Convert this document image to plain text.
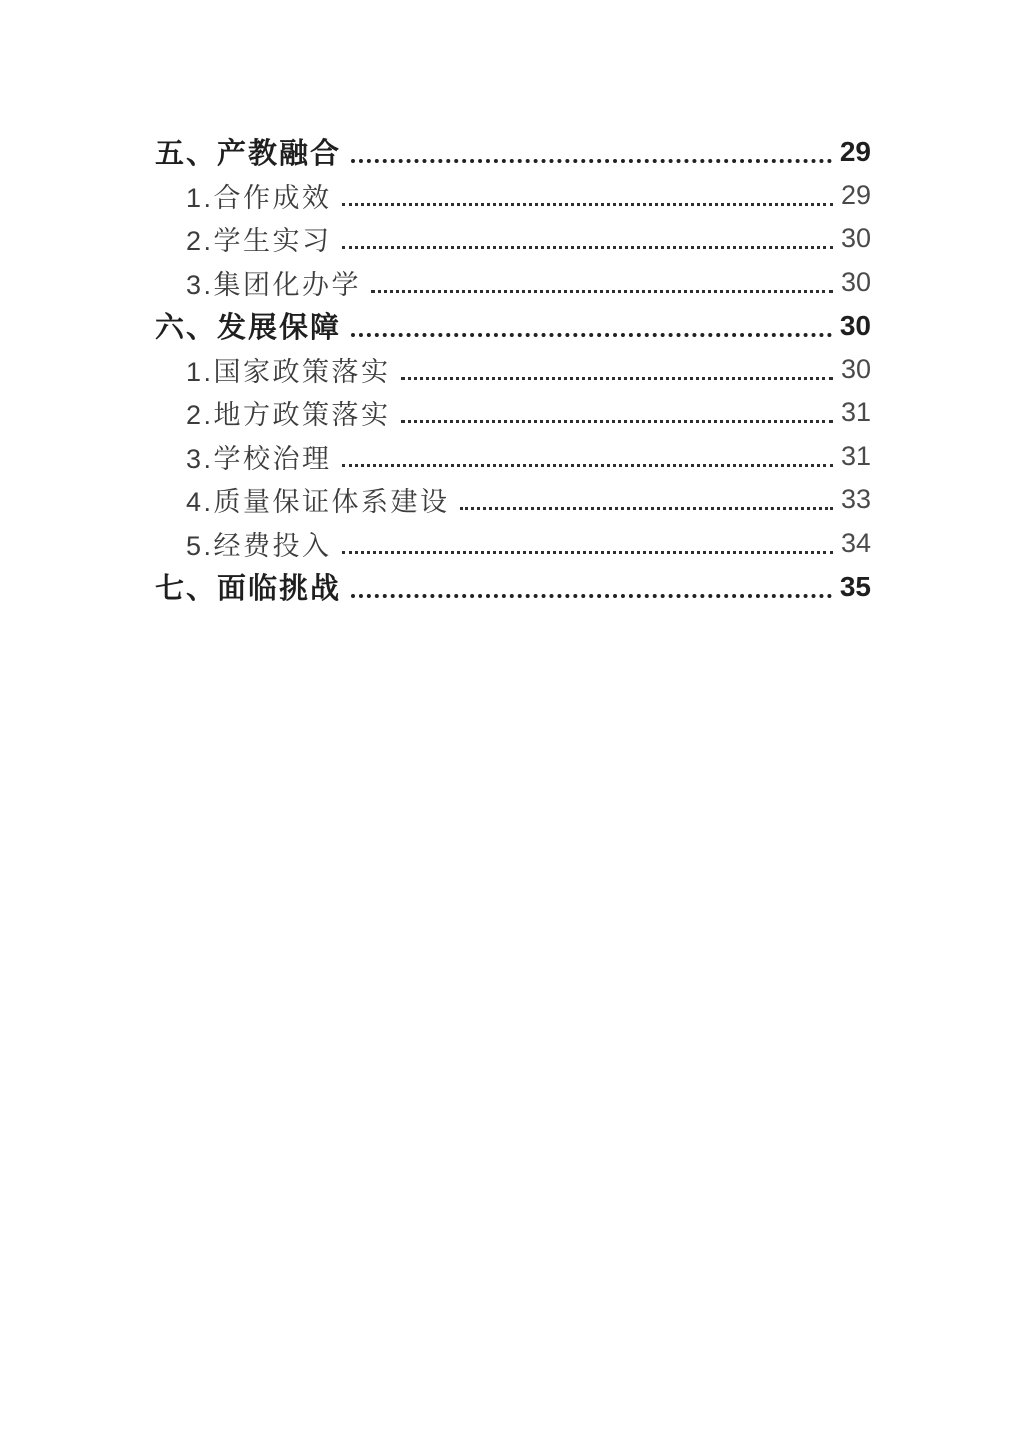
五、产教融合	29
1.合作成效	29
2.学生实习	30
3.集团化办学	30
六、发展保障	30
1.国家政策落实	30
2.地方政策落实	31
3.学校治理	31
4.质量保证体系建设	33
5.经费投入	34
七、面临挑战	35
